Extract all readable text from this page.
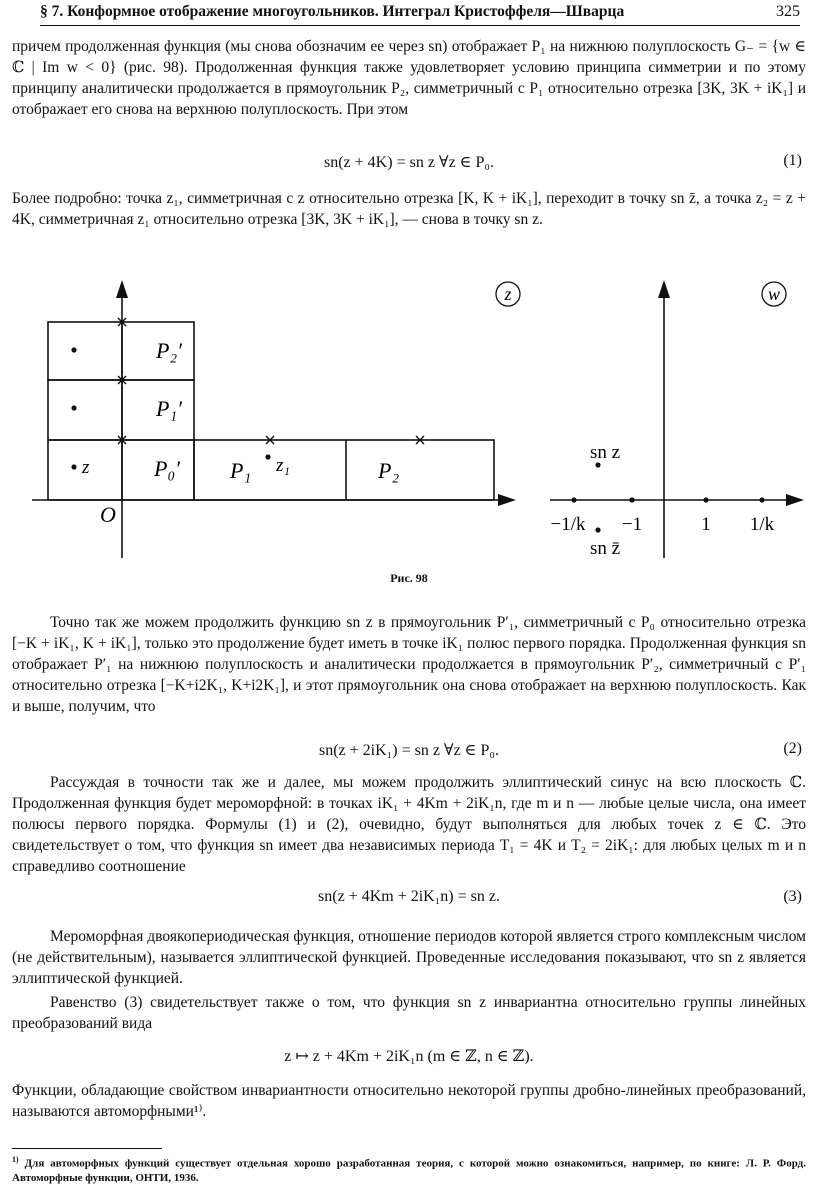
§ 7. Конформное отображение многоугольников. Интеграл Кристоффеля—Шварца	325
причем продолженная функция (мы снова обозначим ее через sn) отображает P₁ на нижнюю полуплоскость G₋ = {w ∈ ℂ | Im w < 0} (рис. 98). Продолженная функция также удовлетворяет условию принципа симметрии и по этому принципу аналитически продолжается в прямоугольник P₂, симметричный с P₁ относительно отрезка [3K, 3K + iK₁] и отображает его снова на верхнюю полуплоскость. При этом
sn(z + 4K) = sn z ∀z ∈ P₀.	(1)
Более подробно: точка z₁, симметричная с z относительно отрезка [K, K + iK₁], переходит в точку sn z̄, а точка z₂ = z + 4K, симметричная z₁ относительно отрезка [3K, 3K + iK₁], — снова в точку sn z.
P₂′
P₁′
P₀′ P₁	P₂
z	z₁
O
z	w
−1/k −1	1 1/k
sn z
sn z̄
Рис. 98
Точно так же можем продолжить функцию sn z в прямоугольник P′₁, симметричный с P₀ относительно отрезка [−K + iK₁, K + iK₁], только это продолжение будет иметь в точке iK₁ полюс первого порядка. Продолженная функция sn отображает P′₁ на нижнюю полуплоскость и аналитически продолжается в прямоугольник P′₂, симметричный с P′₁ относительно отрезка [−K+i2K₁, K+i2K₁], и этот прямоугольник она снова отображает на верхнюю полуплоскость. Как и выше, получим, что
sn(z + 2iK₁) = sn z ∀z ∈ P₀.	(2)
Рассуждая в точности так же и далее, мы можем продолжить эллиптический синус на всю плоскость ℂ. Продолженная функция будет мероморфной: в точках iK₁ + 4Km + 2iK₁n, где m и n — любые целые числа, она имеет полюсы первого порядка. Формулы (1) и (2), очевидно, будут выполняться для любых точек z ∈ ℂ. Это свидетельствует о том, что функция sn имеет два независимых периода T₁ = 4K и T₂ = 2iK₁: для любых целых m и n справедливо соотношение
sn(z + 4Km + 2iK₁n) = sn z.	(3)
Мероморфная двоякопериодическая функция, отношение периодов которой является строго комплексным числом (не действительным), называется эллиптической функцией. Проведенные исследования показывают, что sn z является эллиптической функцией.
Равенство (3) свидетельствует также о том, что функция sn z инвариантна относительно группы линейных преобразований вида
z ↦ z + 4Km + 2iK₁n (m ∈ ℤ, n ∈ ℤ).
Функции, обладающие свойством инвариантности относительно некоторой группы дробно-линейных преобразований, называются автоморфными¹⁾.
$^{1)}$ Для автоморфных функций существует отдельная хорошо разработанная теория, с которой можно ознакомиться, например, по книге: Л. Р. Форд. Автоморфные функции, ОНТИ, 1936.
